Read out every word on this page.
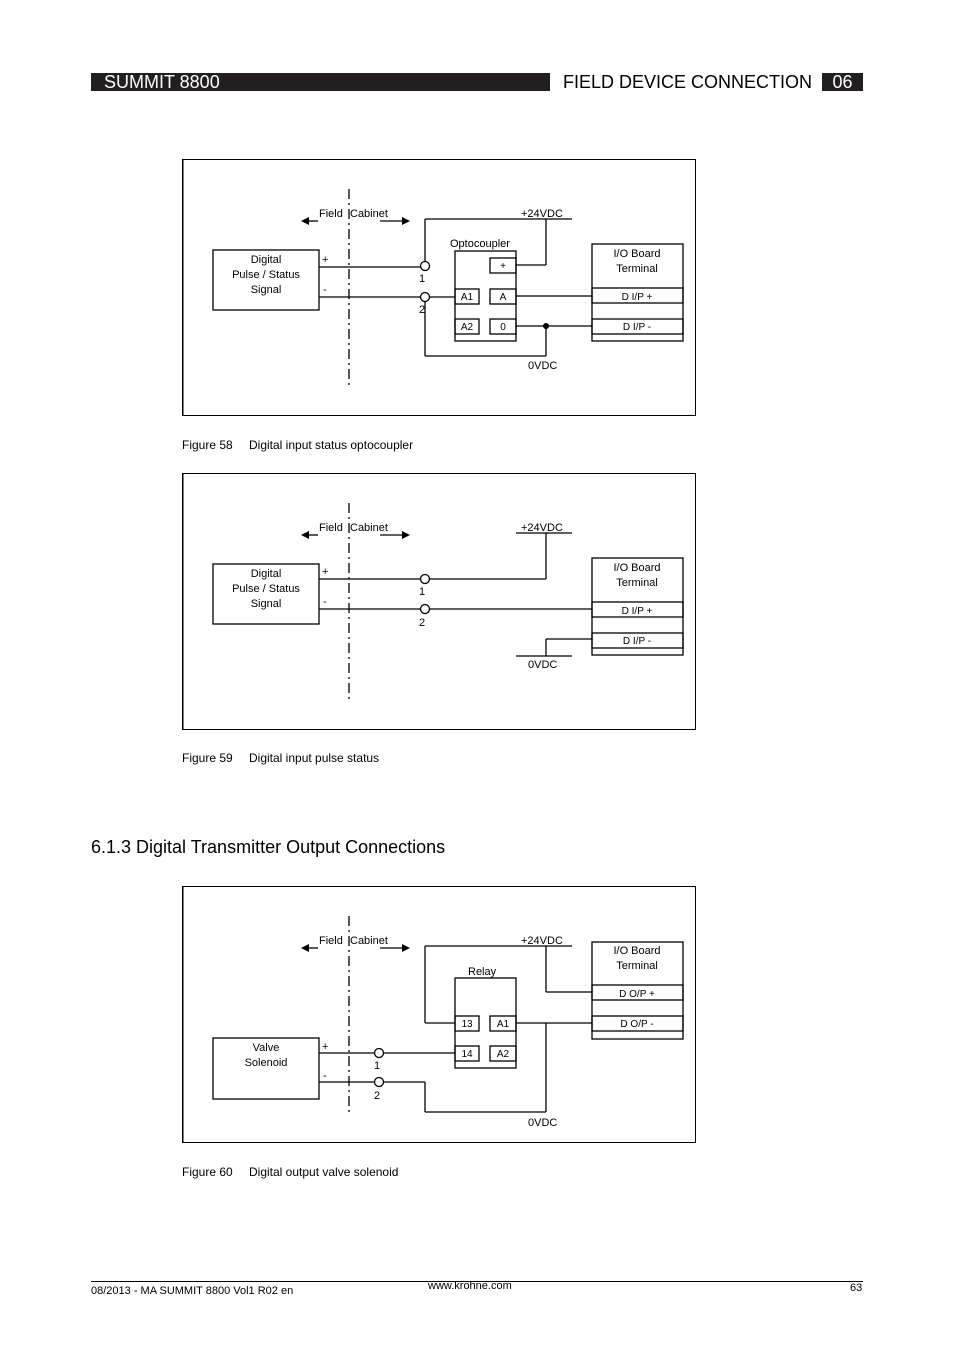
SUMMIT 8800	FIELD DEVICE CONNECTION	06
Field Cabinet	+24VDC
Optocoupler
Digital
Pulse / Status
Signal
I/O Board
Terminal
+
-
1
2
+
A1	A
A2	0
D I/P +
D I/P -
0VDC
Figure 58 Digital input status optocoupler
Field Cabinet	+24VDC
Digital
Pulse / Status
Signal
I/O Board
Terminal
+
-
1
2
D I/P +
D I/P -
0VDC
Figure 59 Digital input pulse status
6.1.3 Digital Transmitter Output Connections
Field Cabinet	+24VDC
Relay
Valve
Solenoid
I/O Board
Terminal
+
-
1
2
13 A1
14 A2
D O/P +
D O/P -
0VDC
Figure 60 Digital output valve solenoid
08/2013 - MA SUMMIT 8800 Vol1 R02 en	www.krohne.com	63
